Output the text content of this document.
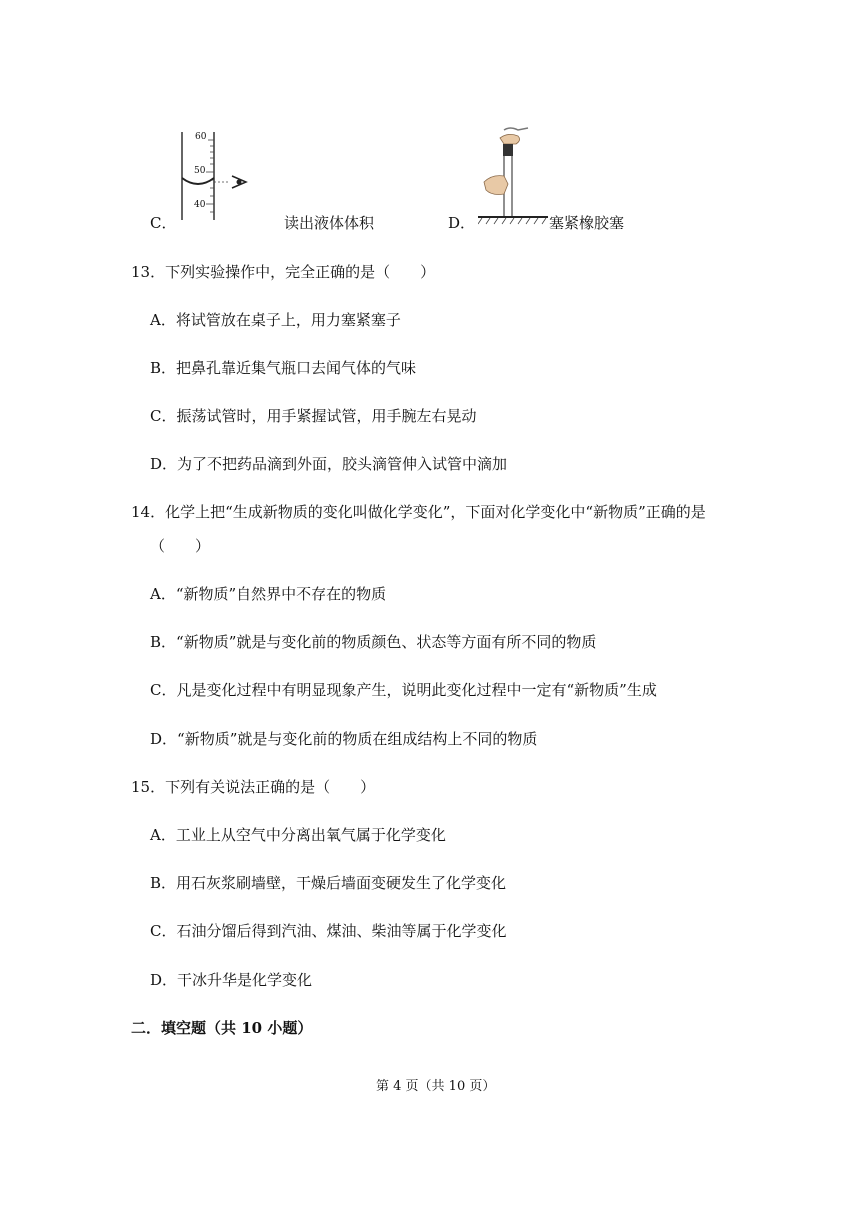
60
50
40
C．	读出液体体积	D．	塞紧橡胶塞
13．下列实验操作中，完全正确的是（　　）
A．将试管放在桌子上，用力塞紧塞子
B．把鼻孔靠近集气瓶口去闻气体的气味
C．振荡试管时，用手紧握试管，用手腕左右晃动
D．为了不把药品滴到外面，胶头滴管伸入试管中滴加
14．化学上把“生成新物质的变化叫做化学变化”，下面对化学变化中“新物质”正确的是
（　　）
A．“新物质”自然界中不存在的物质
B．“新物质”就是与变化前的物质颜色、状态等方面有所不同的物质
C．凡是变化过程中有明显现象产生，说明此变化过程中一定有“新物质”生成
D．“新物质”就是与变化前的物质在组成结构上不同的物质
15．下列有关说法正确的是（　　）
A．工业上从空气中分离出氧气属于化学变化
B．用石灰浆刷墙壁，干燥后墙面变硬发生了化学变化
C．石油分馏后得到汽油、煤油、柴油等属于化学变化
D．干冰升华是化学变化
二．填空题（共 10 小题）
第 4 页（共 10 页）
